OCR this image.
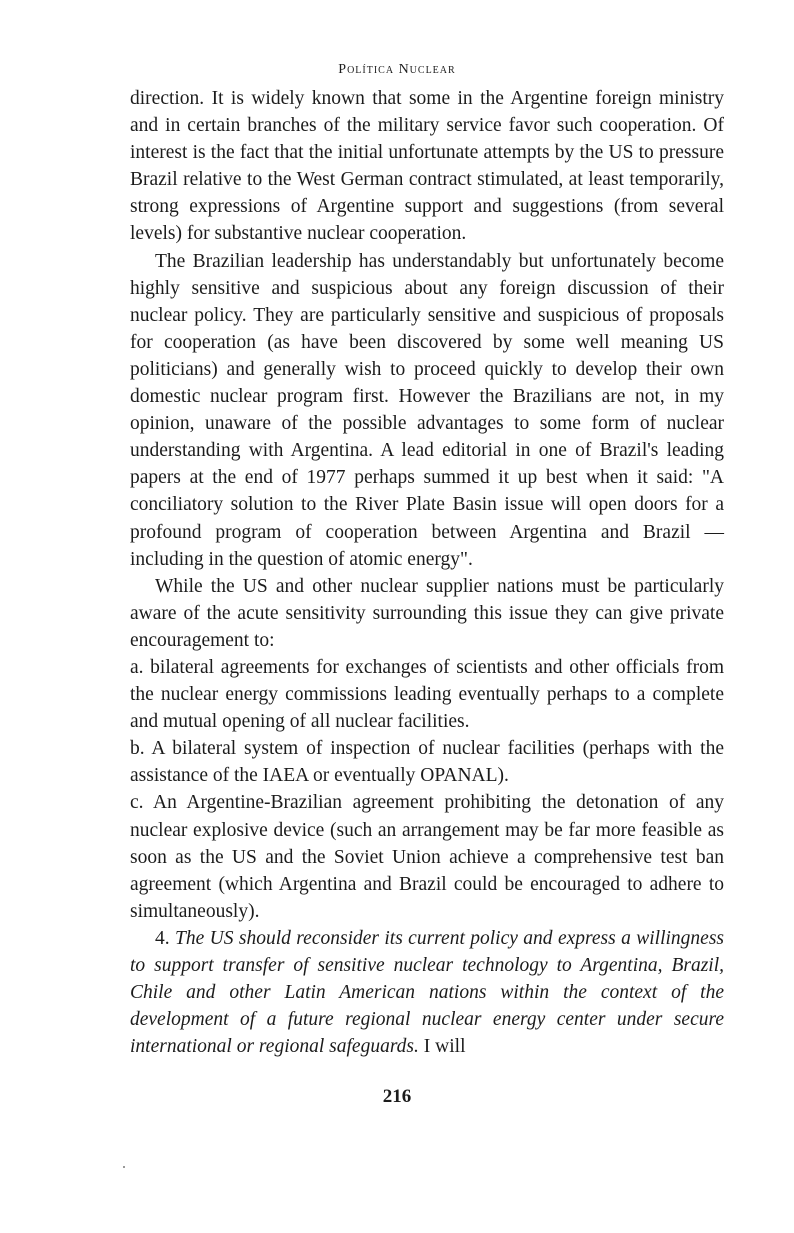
Política Nuclear

direction. It is widely known that some in the Argentine foreign ministry and in certain branches of the military service favor such cooperation. Of interest is the fact that the initial unfortunate attempts by the US to pressure Brazil relative to the West German contract stimulated, at least temporarily, strong expressions of Argentine support and suggestions (from several levels) for substantive nuclear cooperation.

The Brazilian leadership has understandably but unfortunately become highly sensitive and suspicious about any foreign discussion of their nuclear policy. They are particularly sensitive and suspicious of proposals for cooperation (as have been discovered by some well meaning US politicians) and generally wish to proceed quickly to develop their own domestic nuclear program first. However the Brazilians are not, in my opinion, unaware of the possible advantages to some form of nuclear understanding with Argentina. A lead editorial in one of Brazil's leading papers at the end of 1977 perhaps summed it up best when it said: "A conciliatory solution to the River Plate Basin issue will open doors for a profound program of cooperation between Argentina and Brazil —including in the question of atomic energy".

While the US and other nuclear supplier nations must be particularly aware of the acute sensitivity surrounding this issue they can give private encouragement to:

a. bilateral agreements for exchanges of scientists and other officials from the nuclear energy commissions leading eventually perhaps to a complete and mutual opening of all nuclear facilities.

b. A bilateral system of inspection of nuclear facilities (perhaps with the assistance of the IAEA or eventually OPANAL).

c. An Argentine-Brazilian agreement prohibiting the detonation of any nuclear explosive device (such an arrangement may be far more feasible as soon as the US and the Soviet Union achieve a comprehensive test ban agreement (which Argentina and Brazil could be encouraged to adhere to simultaneously).

4. The US should reconsider its current policy and express a willingness to support transfer of sensitive nuclear technology to Argentina, Brazil, Chile and other Latin American nations within the context of the development of a future regional nuclear energy center under secure international or regional safeguards. I will

216
